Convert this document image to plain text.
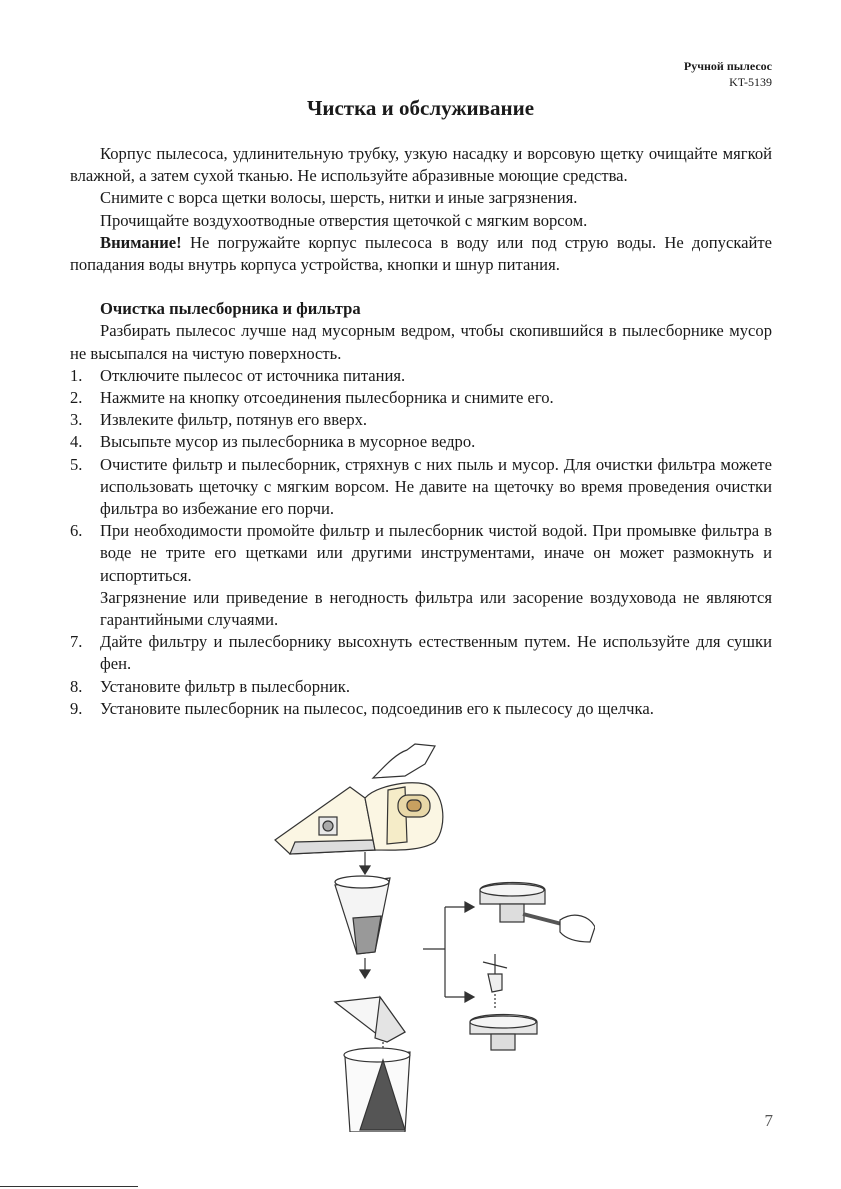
Ручной пылесос
KT-5139
Чистка и обслуживание

Корпус пылесоса, удлинительную трубку, узкую насадку и ворсовую щетку очищайте мягкой влажной, а затем сухой тканью. Не используйте абразивные моющие средства.

Снимите с ворса щетки волосы, шерсть, нитки и иные загрязнения.

Прочищайте воздухоотводные отверстия щеточкой с мягким ворсом.

Внимание! Не погружайте корпус пылесоса в воду или под струю воды. Не допускайте попадания воды внутрь корпуса устройства, кнопки и шнур питания.

Очистка пылесборника и фильтра

Разбирать пылесос лучше над мусорным ведром, чтобы скопившийся в пылесборнике мусор не высыпался на чистую поверхность.

1. Отключите пылесос от источника питания.
2. Нажмите на кнопку отсоединения пылесборника и снимите его.
3. Извлеките фильтр, потянув его вверх.
4. Высыпьте мусор из пылесборника в мусорное ведро.
5. Очистите фильтр и пылесборник, стряхнув с них пыль и мусор. Для очистки фильтра можете использовать щеточку с мягким ворсом. Не давите на щеточку во время проведения очистки фильтра во избежание его порчи.
6. При необходимости промойте фильтр и пылесборник чистой водой. При промывке фильтра в воде не трите его щетками или другими инструментами, иначе он может размокнуть и испортиться.
Загрязнение или приведение в негодность фильтра или засорение воздуховода не являются гарантийными случаями.
7. Дайте фильтру и пылесборнику высохнуть естественным путем. Не используйте для сушки фен.
8. Установите фильтр в пылесборник.
9. Установите пылесборник на пылесос, подсоединив его к пылесосу до щелчка.
7
